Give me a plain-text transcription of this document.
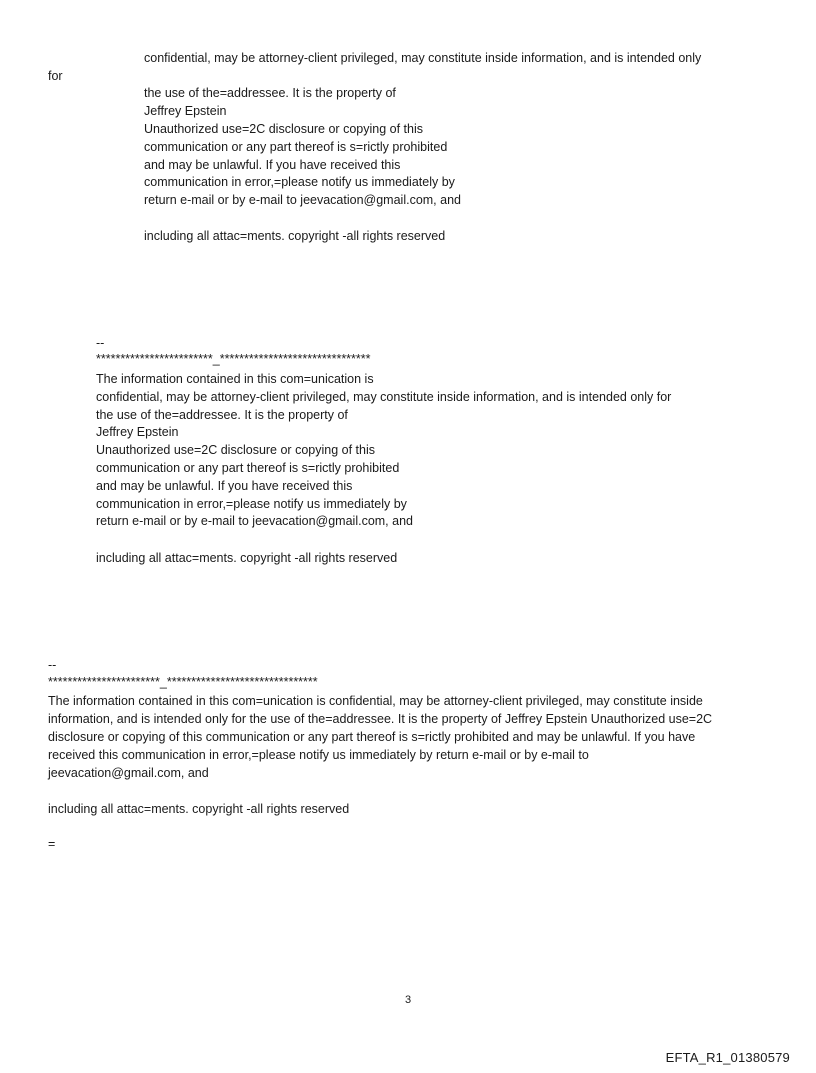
confidential, may be attorney-client privileged, may constitute inside information, and is intended only
for
the use of the=addressee. It is the property of
Jeffrey Epstein
Unauthorized use=2C disclosure or copying of this
communication or any part thereof is s=rictly prohibited
and may be unlawful. If you have received this
communication in error,=please notify us immediately by
return e-mail or by e-mail to jeevacation@gmail.com, and
including all attac=ments. copyright -all rights reserved
--
************************_*******************************
The information contained in this com=unication is
confidential, may be attorney-client privileged, may constitute inside information, and is intended only for
the use of the=addressee. It is the property of
Jeffrey Epstein
Unauthorized use=2C disclosure or copying of this
communication or any part thereof is s=rictly prohibited
and may be unlawful. If you have received this
communication in error,=please notify us immediately by
return e-mail or by e-mail to jeevacation@gmail.com, and
including all attac=ments. copyright -all rights reserved
--
***********************_*******************************
The information contained in this com=unication is confidential, may be attorney-client privileged, may constitute inside
information, and is intended only for the use of the=addressee. It is the property of Jeffrey Epstein Unauthorized use=2C
disclosure or copying of this communication or any part thereof is s=rictly prohibited and may be unlawful. If you have
received this communication in error,=please notify us immediately by return e-mail or by e-mail to
jeevacation@gmail.com, and
including all attac=ments. copyright -all rights reserved
=
3
EFTA_R1_01380579
